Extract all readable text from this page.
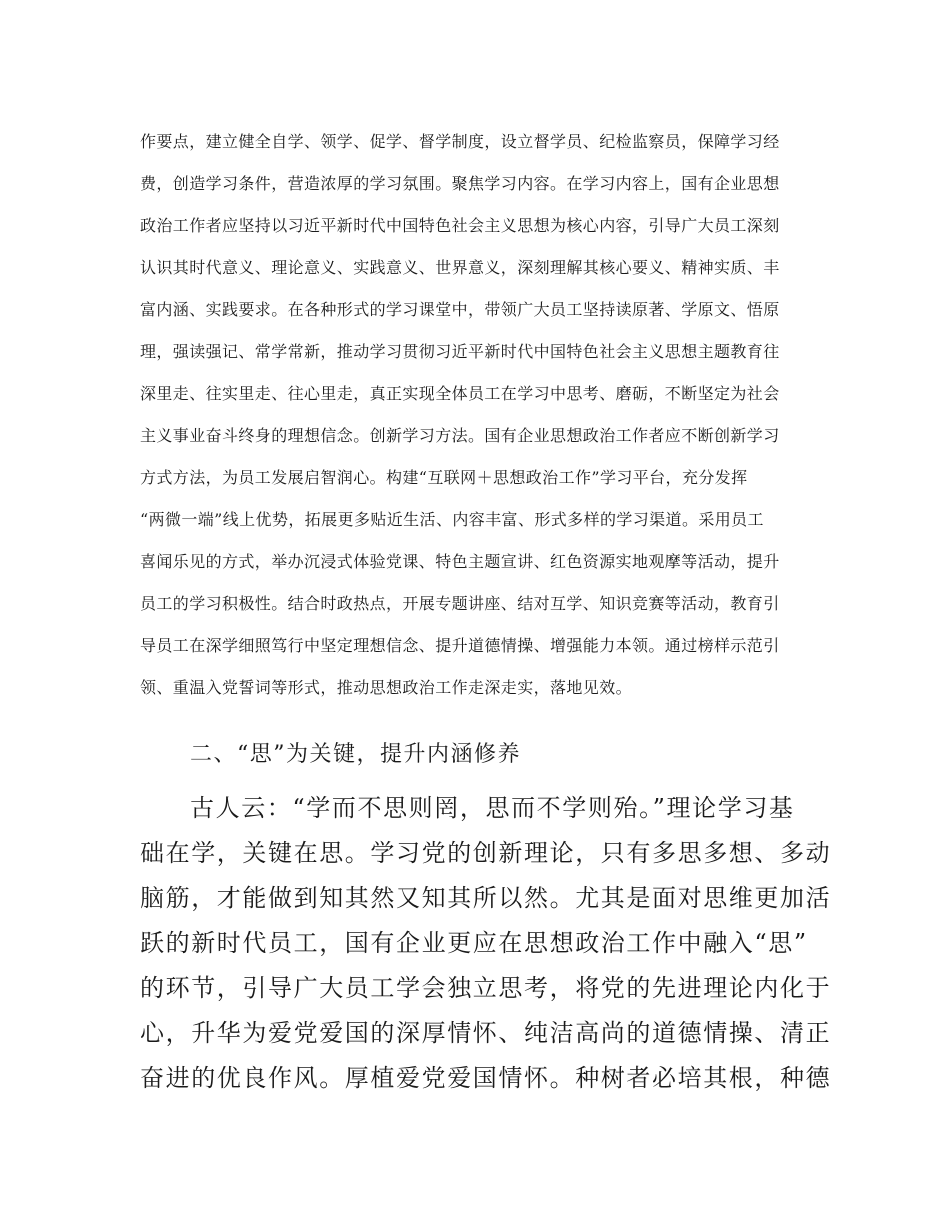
作要点，建立健全自学、领学、促学、督学制度，设立督学员、纪检监察员，保障学习经
费，创造学习条件，营造浓厚的学习氛围。聚焦学习内容。在学习内容上，国有企业思想
政治工作者应坚持以习近平新时代中国特色社会主义思想为核心内容，引导广大员工深刻
认识其时代意义、理论意义、实践意义、世界意义，深刻理解其核心要义、精神实质、丰
富内涵、实践要求。在各种形式的学习课堂中，带领广大员工坚持读原著、学原文、悟原
理，强读强记、常学常新，推动学习贯彻习近平新时代中国特色社会主义思想主题教育往
深里走、往实里走、往心里走，真正实现全体员工在学习中思考、磨砺，不断坚定为社会
主义事业奋斗终身的理想信念。创新学习方法。国有企业思想政治工作者应不断创新学习
方式方法，为员工发展启智润心。构建“互联网＋思想政治工作”学习平台，充分发挥
“两微一端”线上优势，拓展更多贴近生活、内容丰富、形式多样的学习渠道。采用员工
喜闻乐见的方式，举办沉浸式体验党课、特色主题宣讲、红色资源实地观摩等活动，提升
员工的学习积极性。结合时政热点，开展专题讲座、结对互学、知识竞赛等活动，教育引
导员工在深学细照笃行中坚定理想信念、提升道德情操、增强能力本领。通过榜样示范引
领、重温入党誓词等形式，推动思想政治工作走深走实，落地见效。
二、“思”为关键，提升内涵修养
古人云：“学而不思则罔，思而不学则殆。”理论学习基
础在学，关键在思。学习党的创新理论，只有多思多想、多动
脑筋，才能做到知其然又知其所以然。尤其是面对思维更加活
跃的新时代员工，国有企业更应在思想政治工作中融入“思”
的环节，引导广大员工学会独立思考，将党的先进理论内化于
心，升华为爱党爱国的深厚情怀、纯洁高尚的道德情操、清正
奋进的优良作风。厚植爱党爱国情怀。种树者必培其根，种德
